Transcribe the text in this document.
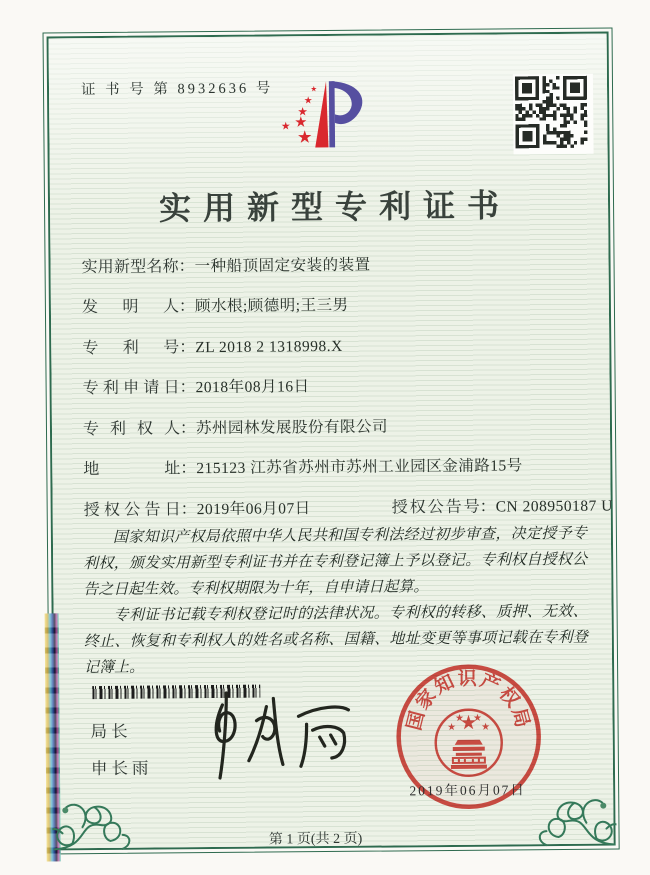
证 书 号 第 8932636 号
实用新型专利证书
实用新型名称：一种船顶固定安装的装置
发明人：顾水根;顾德明;王三男
专利号：ZL 2018 2 1318998.X
专利申请日：2018年08月16日
专利权人：苏州园林发展股份有限公司
地址：215123 江苏省苏州市苏州工业园区金浦路15号
授权公告日：2019年06月07日	授权公告号：CN 208950187 U
国家知识产权局依照中华人民共和国专利法经过初步审查，决定授予专利权，颁发实用新型专利证书并在专利登记簿上予以登记。专利权自授权公告之日起生效。专利权期限为十年，自申请日起算。
专利证书记载专利权登记时的法律状况。专利权的转移、质押、无效、终止、恢复和专利权人的姓名或名称、国籍、地址变更等事项记载在专利登记簿上。
局长
申长雨
国家知识产权局
2019年06月07日
第 1 页(共 2 页)
